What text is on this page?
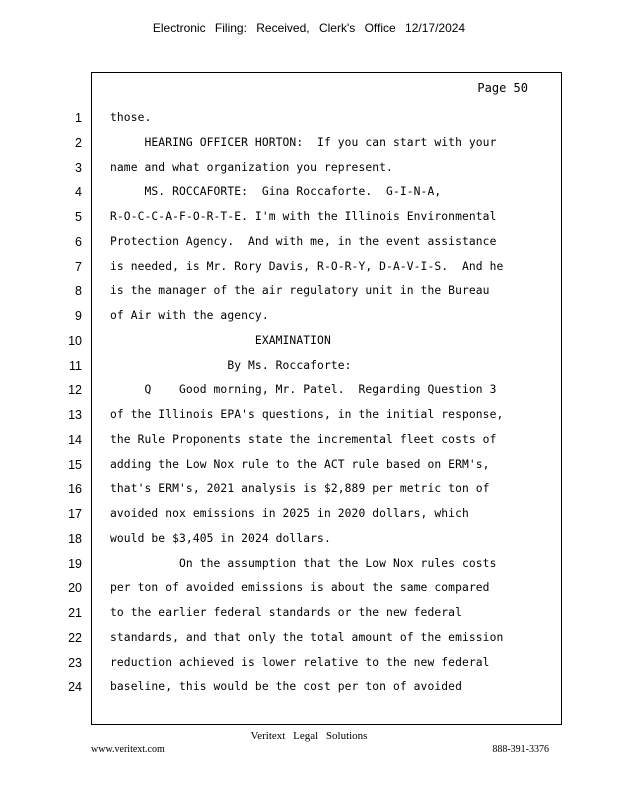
Electronic Filing: Received, Clerk's Office 12/17/2024
Page 50
1 those.
2 HEARING OFFICER HORTON:  If you can start with your
3 name and what organization you represent.
4 MS. ROCCAFORTE:  Gina Roccaforte.  G-I-N-A,
5 R-O-C-C-A-F-O-R-T-E. I'm with the Illinois Environmental
6 Protection Agency.  And with me, in the event assistance
7 is needed, is Mr. Rory Davis, R-O-R-Y, D-A-V-I-S.  And he
8 is the manager of the air regulatory unit in the Bureau
9 of Air with the agency.
10 EXAMINATION
11 By Ms. Roccaforte:
12 Q    Good morning, Mr. Patel.  Regarding Question 3
13 of the Illinois EPA's questions, in the initial response,
14 the Rule Proponents state the incremental fleet costs of
15 adding the Low Nox rule to the ACT rule based on ERM's,
16 that's ERM's, 2021 analysis is $2,889 per metric ton of
17 avoided nox emissions in 2025 in 2020 dollars, which
18 would be $3,405 in 2024 dollars.
19 On the assumption that the Low Nox rules costs
20 per ton of avoided emissions is about the same compared
21 to the earlier federal standards or the new federal
22 standards, and that only the total amount of the emission
23 reduction achieved is lower relative to the new federal
24 baseline, this would be the cost per ton of avoided
Veritext Legal Solutions
www.veritext.com	888-391-3376
